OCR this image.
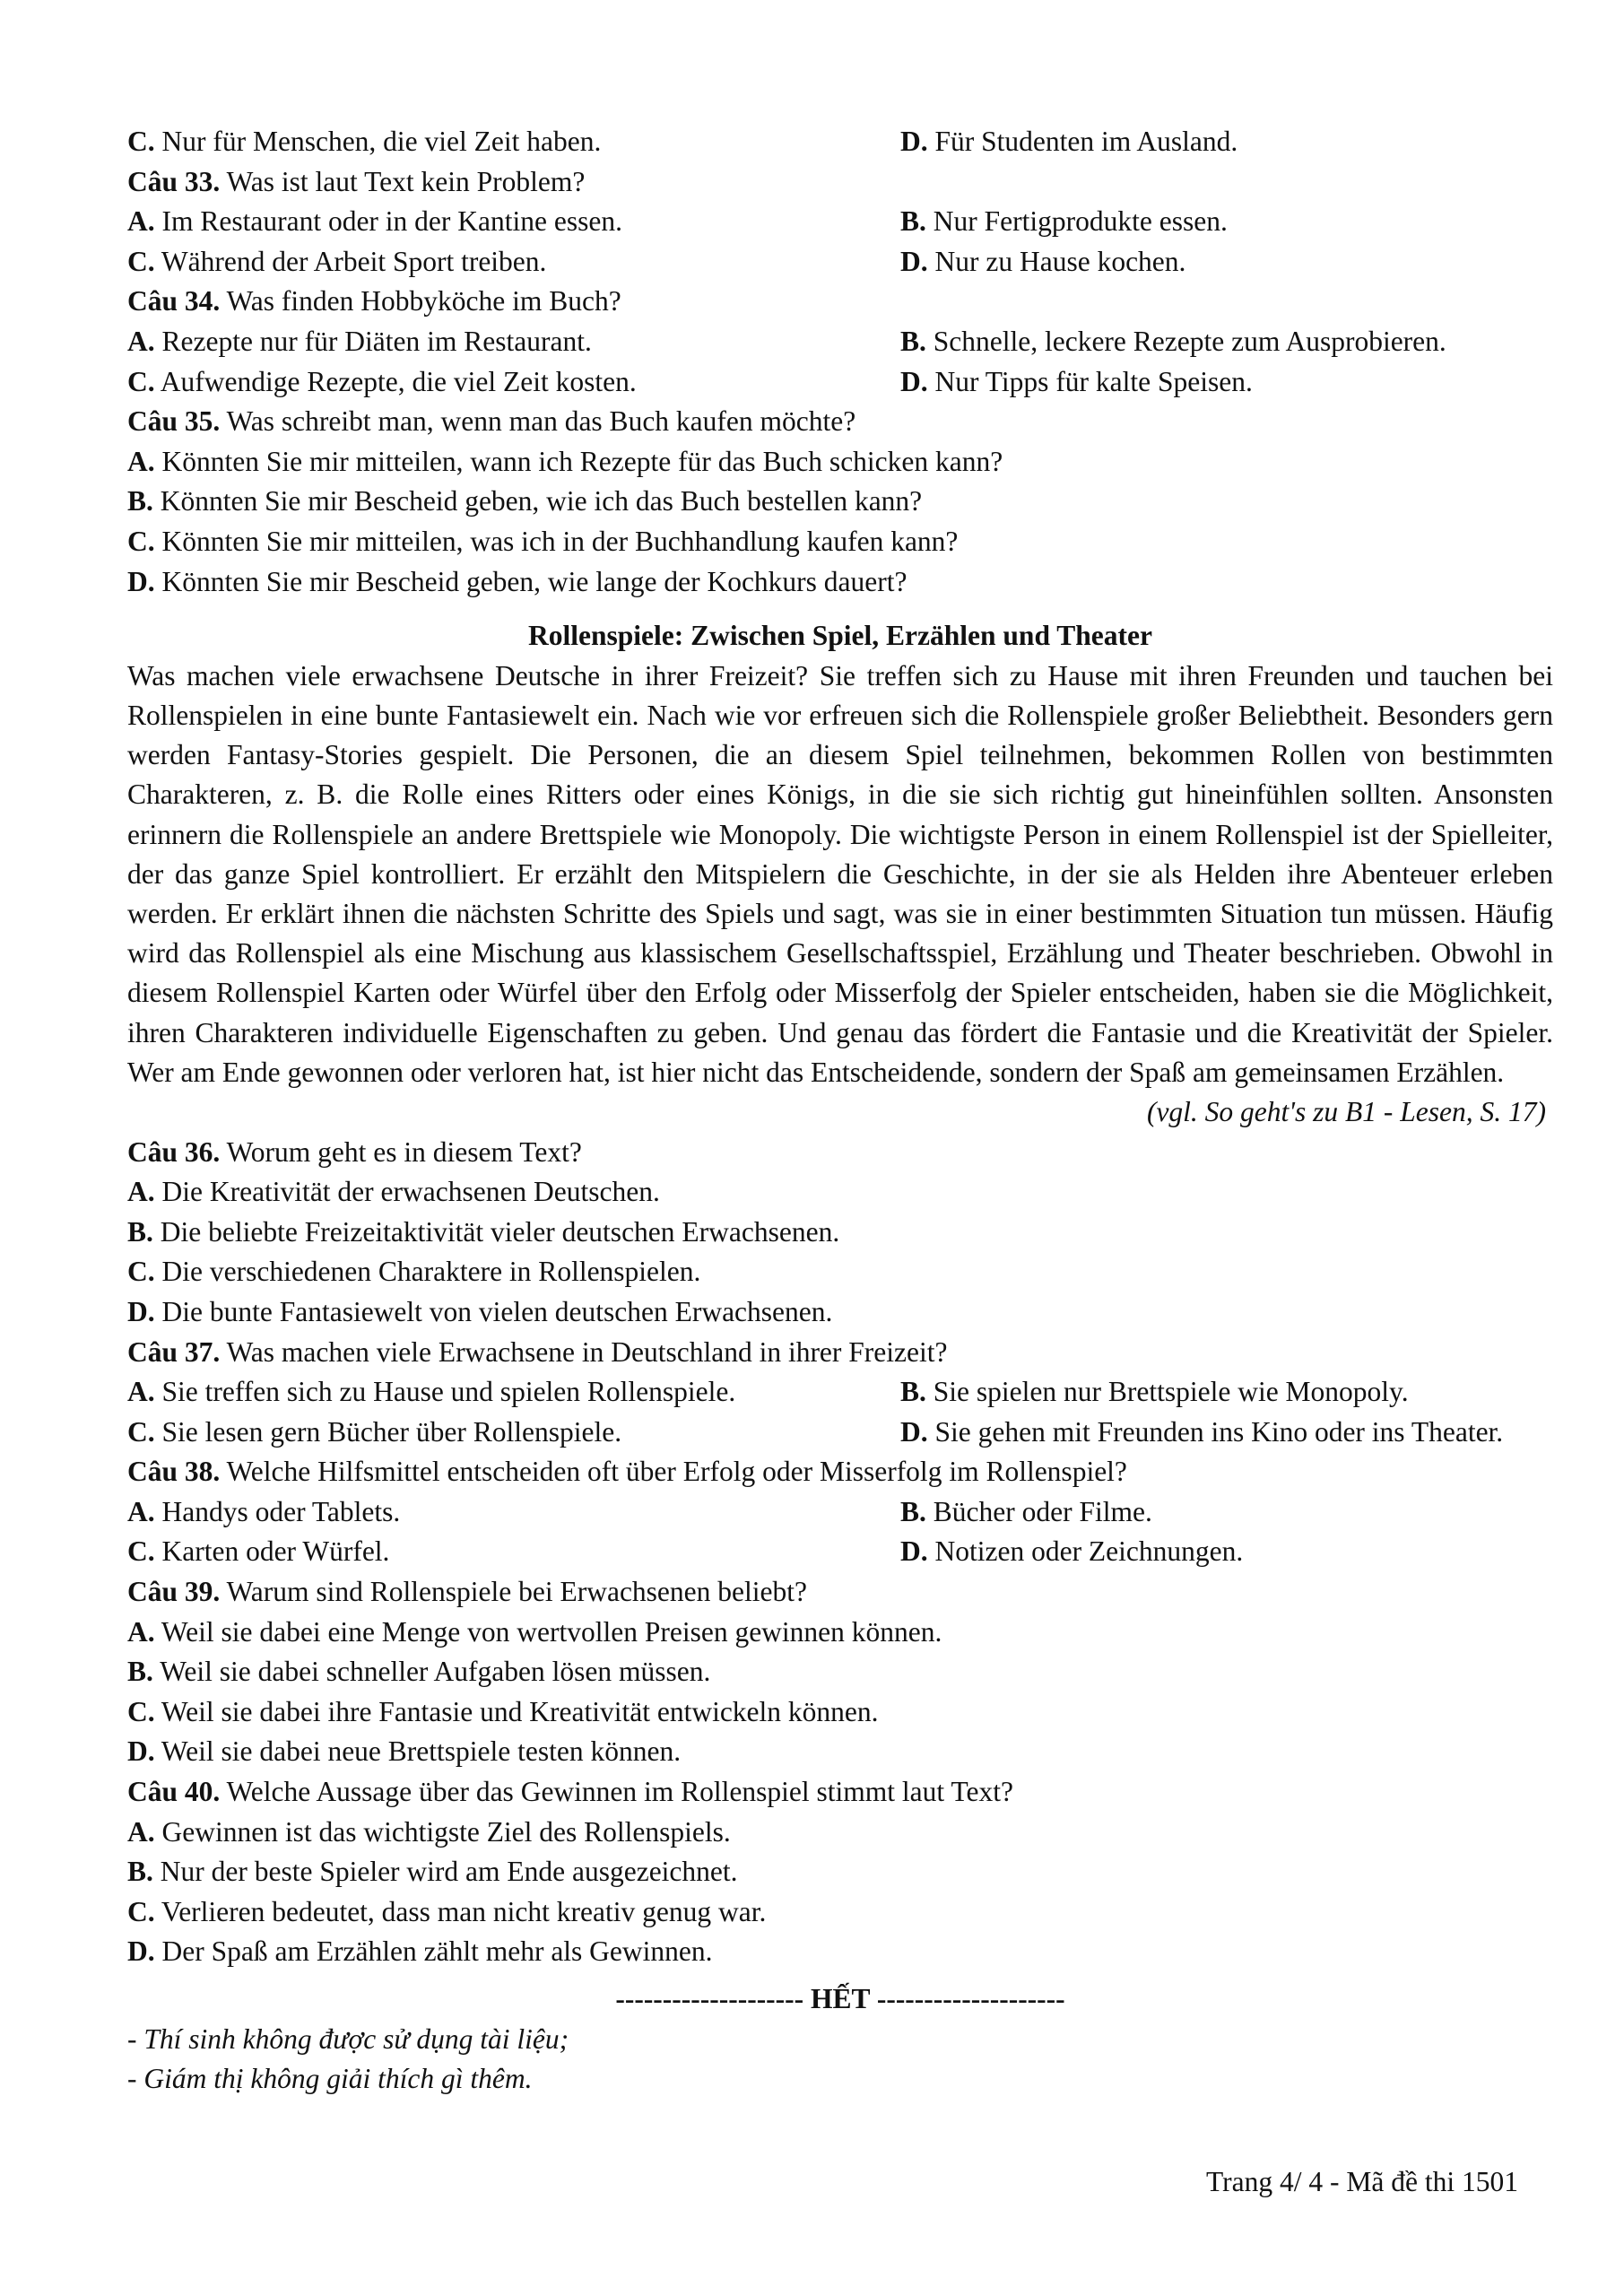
C. Nur für Menschen, die viel Zeit haben.	D. Für Studenten im Ausland.
Câu 33. Was ist laut Text kein Problem?
A. Im Restaurant oder in der Kantine essen.	B. Nur Fertigprodukte essen.
C. Während der Arbeit Sport treiben.	D. Nur zu Hause kochen.
Câu 34. Was finden Hobbyköche im Buch?
A. Rezepte nur für Diäten im Restaurant.	B. Schnelle, leckere Rezepte zum Ausprobieren.
C. Aufwendige Rezepte, die viel Zeit kosten.	D. Nur Tipps für kalte Speisen.
Câu 35. Was schreibt man, wenn man das Buch kaufen möchte?
A. Könnten Sie mir mitteilen, wann ich Rezepte für das Buch schicken kann?
B. Könnten Sie mir Bescheid geben, wie ich das Buch bestellen kann?
C. Könnten Sie mir mitteilen, was ich in der Buchhandlung kaufen kann?
D. Könnten Sie mir Bescheid geben, wie lange der Kochkurs dauert?
Rollenspiele: Zwischen Spiel, Erzählen und Theater
Was machen viele erwachsene Deutsche in ihrer Freizeit? Sie treffen sich zu Hause mit ihren Freunden und tauchen bei Rollenspielen in eine bunte Fantasiewelt ein. Nach wie vor erfreuen sich die Rollenspiele großer Beliebtheit. Besonders gern werden Fantasy-Stories gespielt. Die Personen, die an diesem Spiel teilnehmen, bekommen Rollen von bestimmten Charakteren, z. B. die Rolle eines Ritters oder eines Königs, in die sie sich richtig gut hineinfühlen sollten. Ansonsten erinnern die Rollenspiele an andere Brettspiele wie Monopoly. Die wichtigste Person in einem Rollenspiel ist der Spielleiter, der das ganze Spiel kontrolliert. Er erzählt den Mitspielern die Geschichte, in der sie als Helden ihre Abenteuer erleben werden. Er erklärt ihnen die nächsten Schritte des Spiels und sagt, was sie in einer bestimmten Situation tun müssen. Häufig wird das Rollenspiel als eine Mischung aus klassischem Gesellschaftsspiel, Erzählung und Theater beschrieben. Obwohl in diesem Rollenspiel Karten oder Würfel über den Erfolg oder Misserfolg der Spieler entscheiden, haben sie die Möglichkeit, ihren Charakteren individuelle Eigenschaften zu geben. Und genau das fördert die Fantasie und die Kreativität der Spieler. Wer am Ende gewonnen oder verloren hat, ist hier nicht das Entscheidende, sondern der Spaß am gemeinsamen Erzählen.
(vgl. So geht's zu B1 - Lesen, S. 17)
Câu 36. Worum geht es in diesem Text?
A. Die Kreativität der erwachsenen Deutschen.
B. Die beliebte Freizeitaktivität vieler deutschen Erwachsenen.
C. Die verschiedenen Charaktere in Rollenspielen.
D. Die bunte Fantasiewelt von vielen deutschen Erwachsenen.
Câu 37. Was machen viele Erwachsene in Deutschland in ihrer Freizeit?
A. Sie treffen sich zu Hause und spielen Rollenspiele.	B. Sie spielen nur Brettspiele wie Monopoly.
C. Sie lesen gern Bücher über Rollenspiele.	D. Sie gehen mit Freunden ins Kino oder ins Theater.
Câu 38. Welche Hilfsmittel entscheiden oft über Erfolg oder Misserfolg im Rollenspiel?
A. Handys oder Tablets.	B. Bücher oder Filme.
C. Karten oder Würfel.	D. Notizen oder Zeichnungen.
Câu 39. Warum sind Rollenspiele bei Erwachsenen beliebt?
A. Weil sie dabei eine Menge von wertvollen Preisen gewinnen können.
B. Weil sie dabei schneller Aufgaben lösen müssen.
C. Weil sie dabei ihre Fantasie und Kreativität entwickeln können.
D. Weil sie dabei neue Brettspiele testen können.
Câu 40. Welche Aussage über das Gewinnen im Rollenspiel stimmt laut Text?
A. Gewinnen ist das wichtigste Ziel des Rollenspiels.
B. Nur der beste Spieler wird am Ende ausgezeichnet.
C. Verlieren bedeutet, dass man nicht kreativ genug war.
D. Der Spaß am Erzählen zählt mehr als Gewinnen.
-------------------- HẾT --------------------
- Thí sinh không được sử dụng tài liệu;
- Giám thị không giải thích gì thêm.
Trang 4/ 4 - Mã đề thi 1501
